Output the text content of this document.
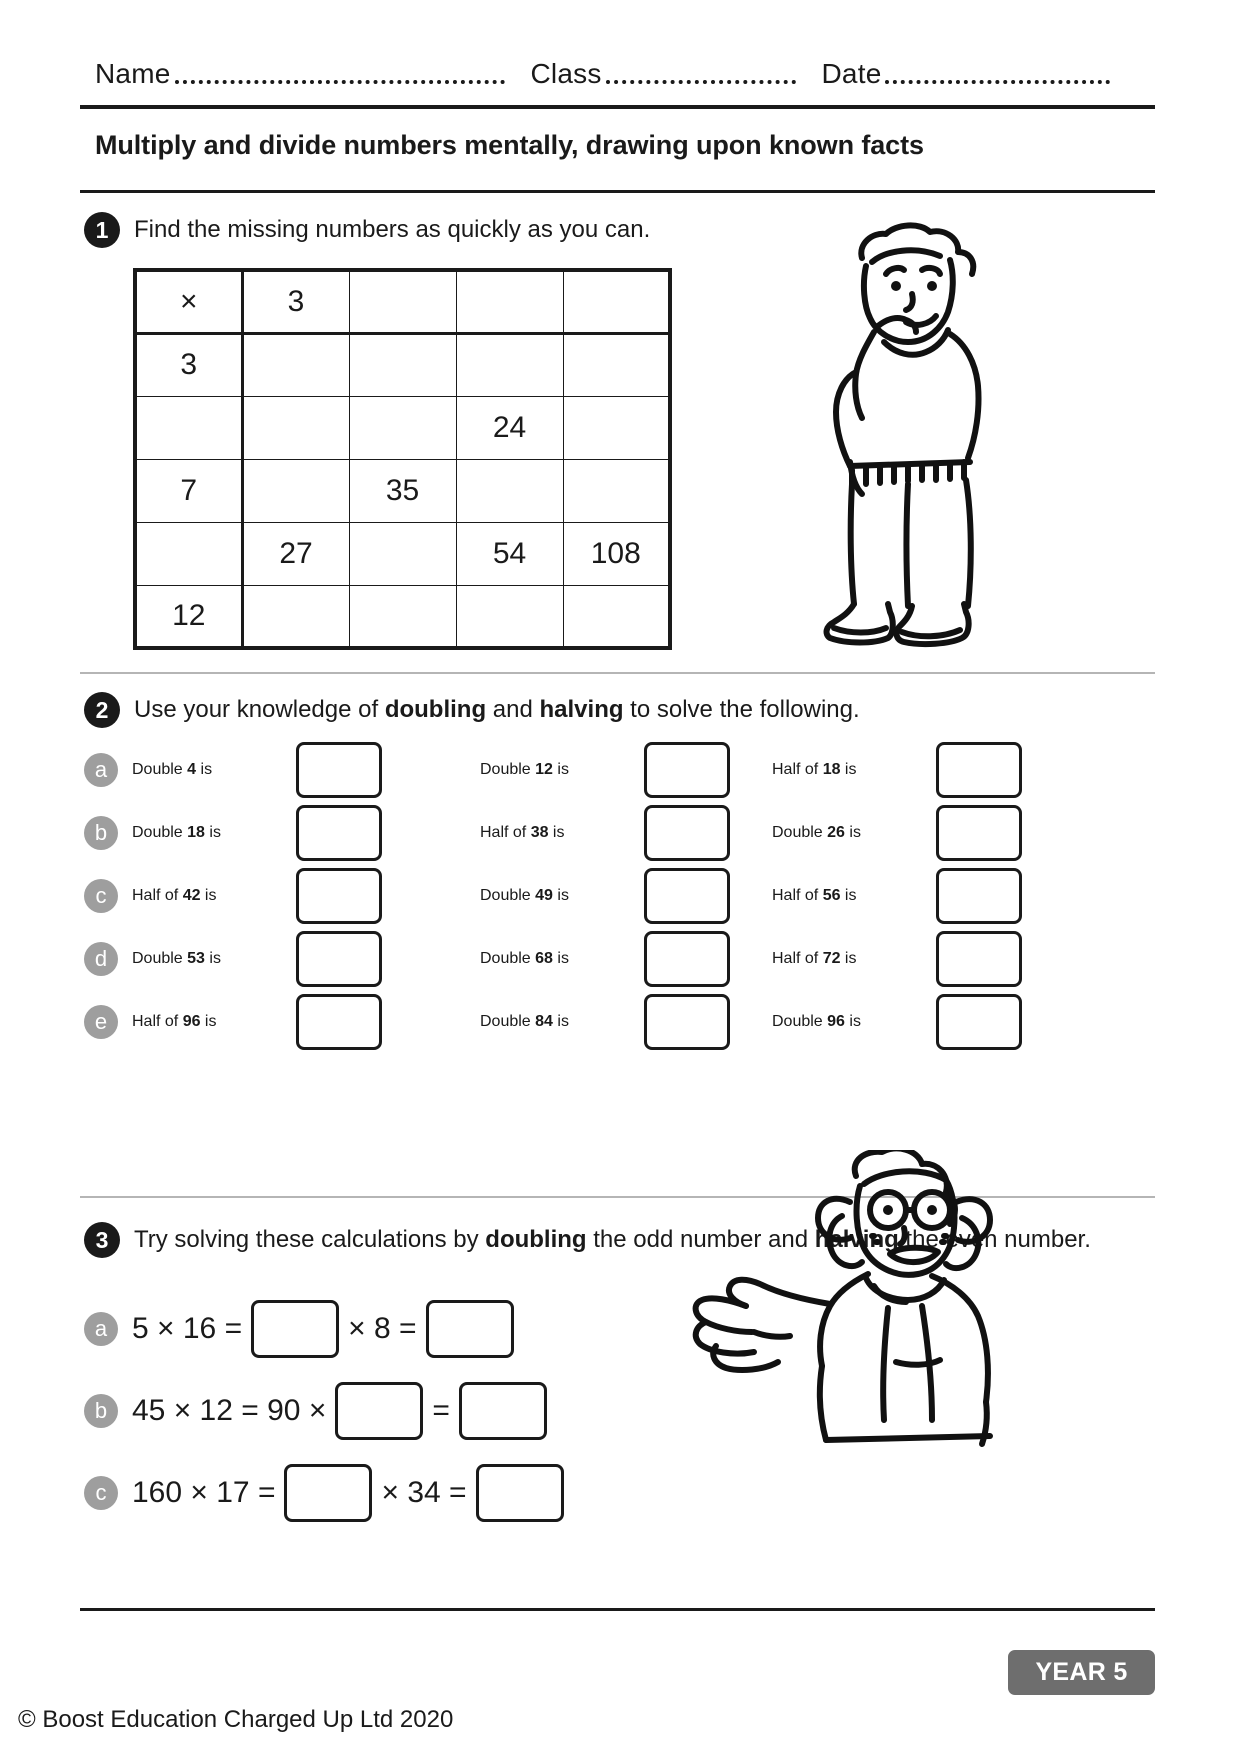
Name	Class	Date
Multiply and divide numbers mentally, drawing upon known facts
1	Find the missing numbers as quickly as you can.
×	3			
3				
			24	
7		35		
	27		54	108
12				
2	Use your knowledge of doubling and halving to solve the following.
a	Double 4 is	Double 12 is	Half of 18 is
b	Double 18 is	Half of 38 is	Double 26 is
c	Half of 42 is	Double 49 is	Half of 56 is
d	Double 53 is	Double 68 is	Half of 72 is
e	Half of 96 is	Double 84 is	Double 96 is
3	Try solving these calculations by doubling the odd number and halving the even number.
a 5 × 16 =	× 8 =
b 45 × 12 = 90 ×	=
c 160 × 17 =	× 34 =
YEAR 5
© Boost Education Charged Up Ltd 2020
